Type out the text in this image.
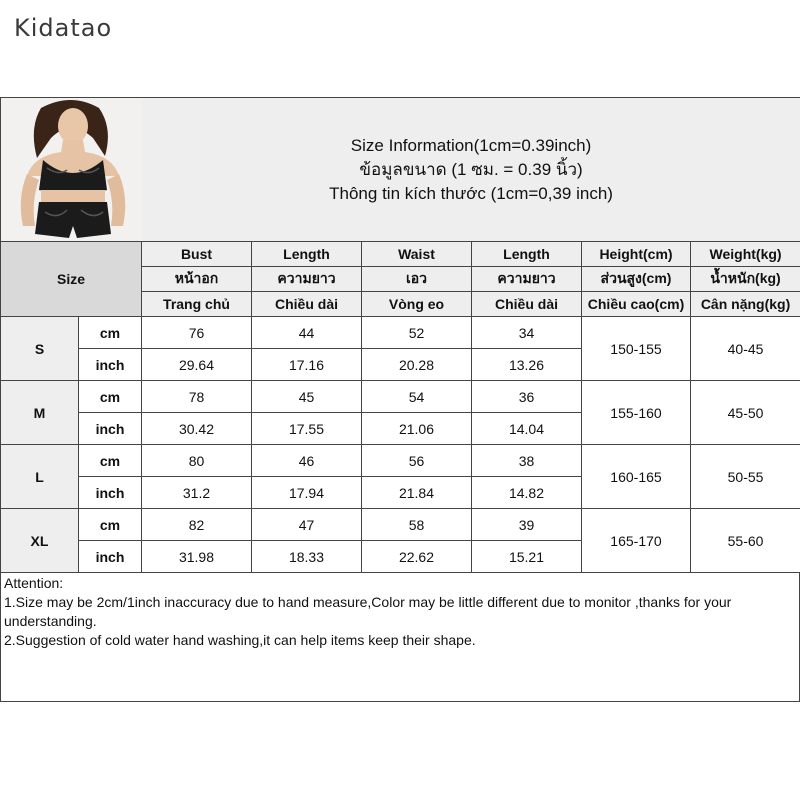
Kidatao

Size Information(1cm=0.39inch)
ข้อมูลขนาด (1 ซม. = 0.39 นิ้ว)
Thông tin kích thước (1cm=0,39 inch)					

Size		Bust	Length	Waist	Length	Height(cm)	Weight(kg)
		หน้าอก	ความยาว	เอว	ความยาว	ส่วนสูง(cm)	น้ำหนัก(kg)
		Trang chủ	Chiều dài	Vòng eo	Chiều dài	Chiều cao(cm)	Cân nặng(kg)
S	cm	76	44	52	34	150-155	40-45
	inch	29.64	17.16	20.28	13.26		
M	cm	78	45	54	36	155-160	45-50
	inch	30.42	17.55	21.06	14.04		
L	cm	80	46	56	38	160-165	50-55
	inch	31.2	17.94	21.84	14.82		
XL	cm	82	47	58	39	165-170	55-60
	inch	31.98	18.33	22.62	15.21		
Attention:
1.Size may be 2cm/1inch inaccuracy due to hand measure,Color may be little different due to monitor ,thanks for your understanding.
2.Suggestion of cold water hand washing,it can help items keep their shape.
